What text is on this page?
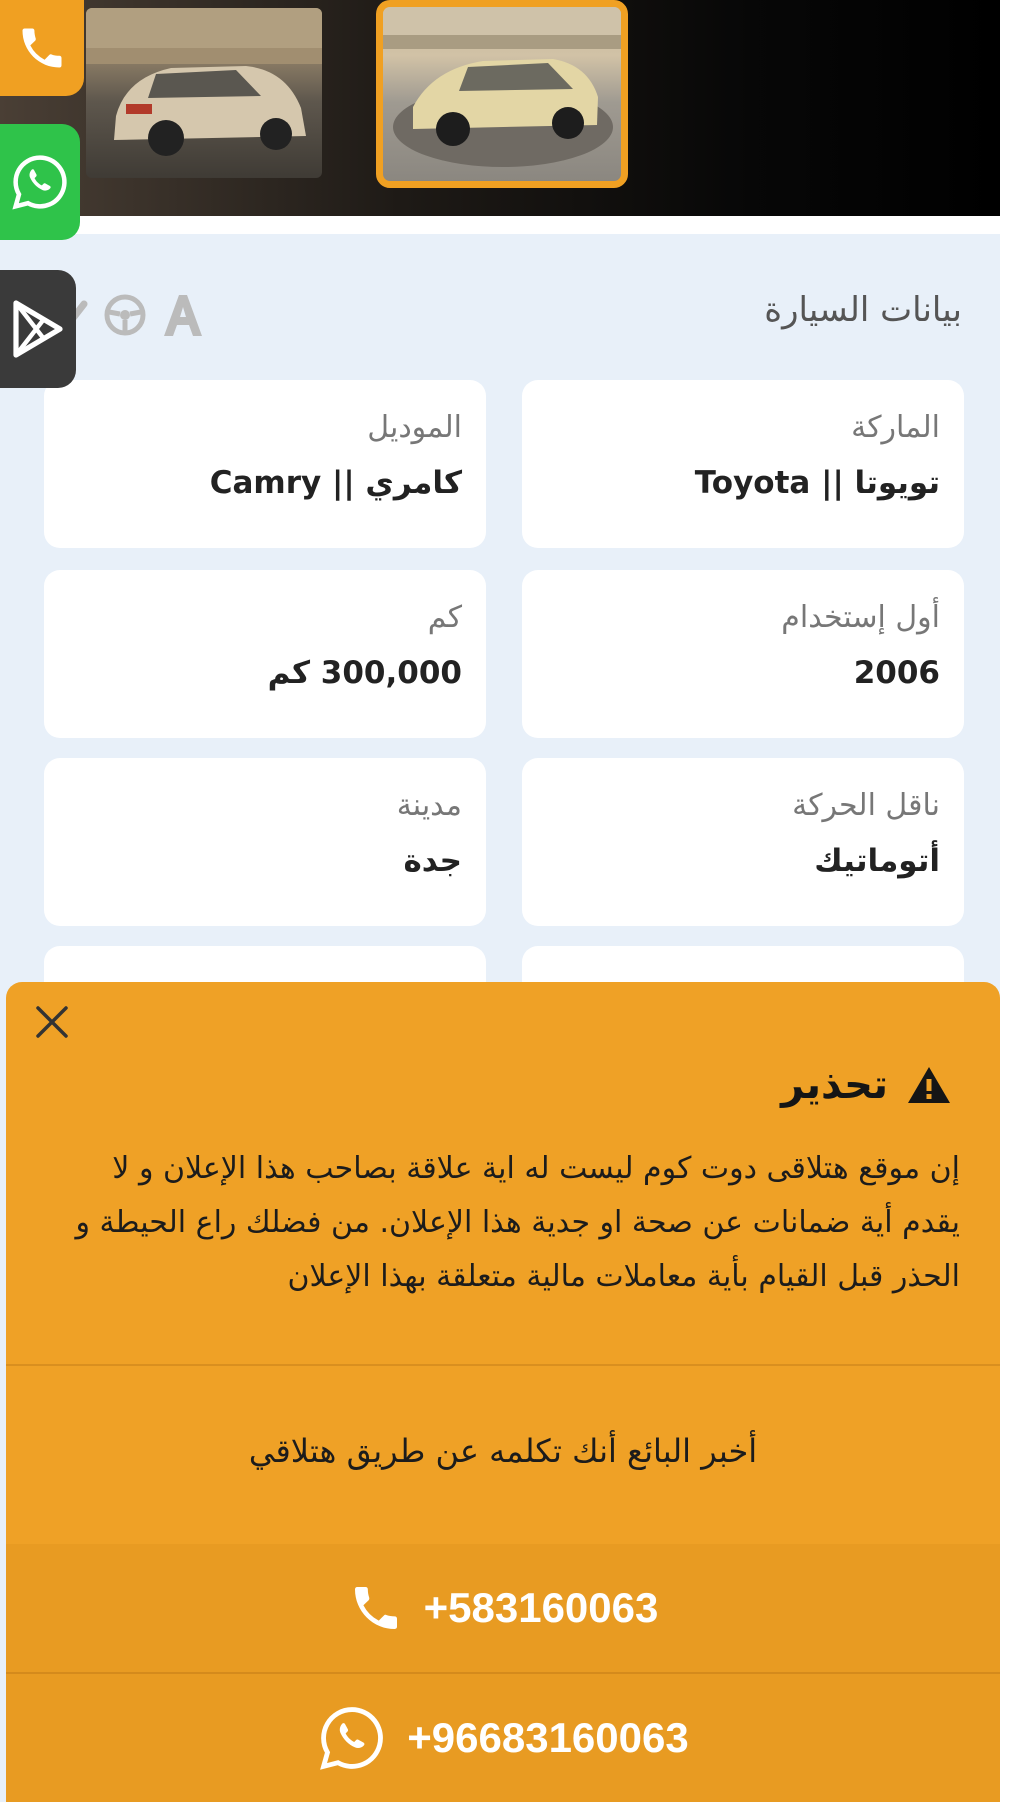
بيانات السيارة
الماركة
تويوتا || Toyota
الموديل
كامري || Camry
أول إستخدام
2006
كم
300,000 كم
ناقل الحركة
أتوماتيك
مدينة
جدة
تحذير
إن موقع هتلاقى دوت كوم ليست له اية علاقة بصاحب هذا الإعلان و لا يقدم أية ضمانات عن صحة او جدية هذا الإعلان. من فضلك راع الحيطة و الحذر قبل القيام بأية معاملات مالية متعلقة بهذا الإعلان
أخبر البائع أنك تكلمه عن طريق هتلاقي
+583160063
+96683160063
